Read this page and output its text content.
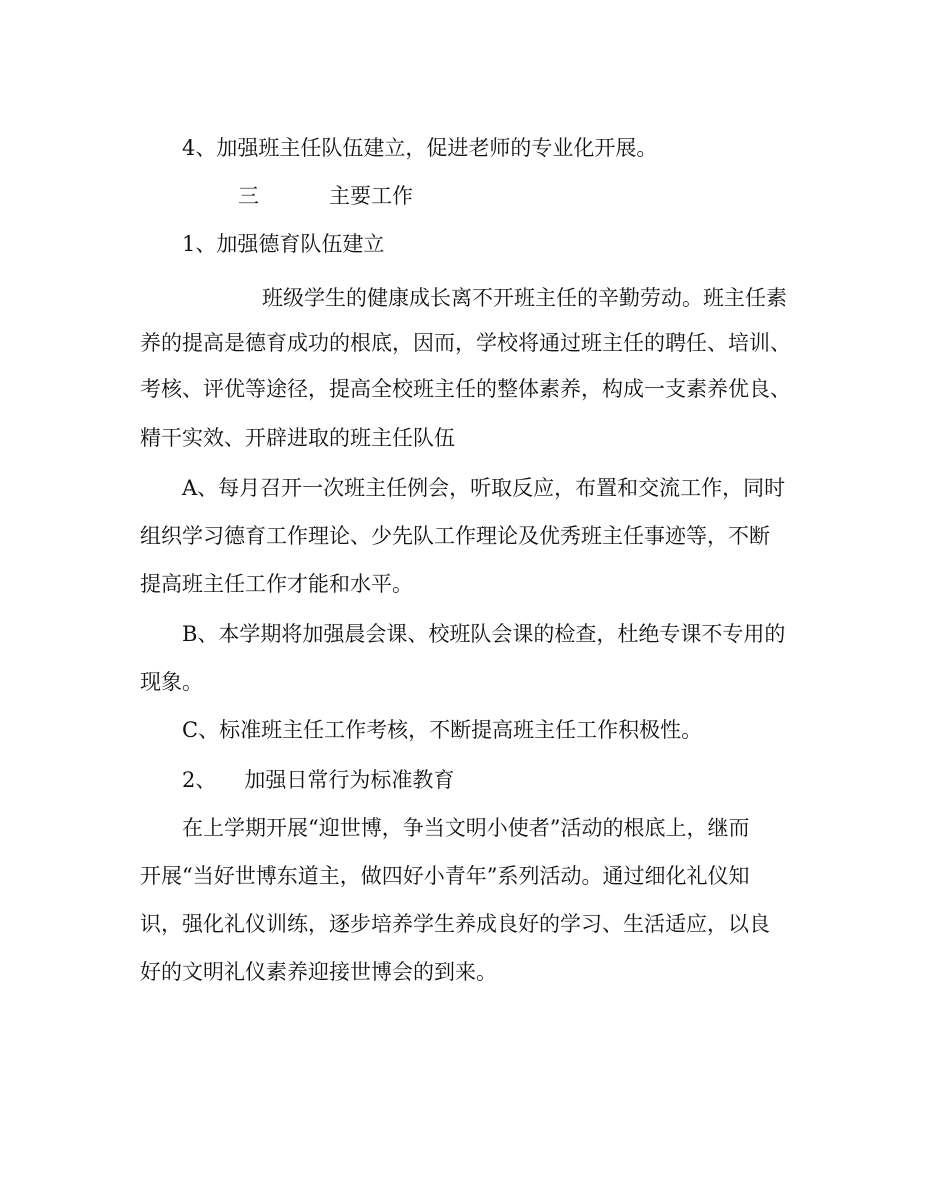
4、加强班主任队伍建立，促进老师的专业化开展。
三	主要工作
1、加强德育队伍建立
班级学生的健康成长离不开班主任的辛勤劳动。班主任素
养的提高是德育成功的根底，因而，学校将通过班主任的聘任、培训、
考核、评优等途径，提高全校班主任的整体素养，构成一支素养优良、
精干实效、开辟进取的班主任队伍
A、每月召开一次班主任例会，听取反应，布置和交流工作，同时
组织学习德育工作理论、少先队工作理论及优秀班主任事迹等，不断
提高班主任工作才能和水平。
B、本学期将加强晨会课、校班队会课的检查，杜绝专课不专用的
现象。
C、标准班主任工作考核，不断提高班主任工作积极性。
2、 加强日常行为标准教育
在上学期开展“迎世博，争当文明小使者”活动的根底上，继而
开展“当好世博东道主，做四好小青年”系列活动。通过细化礼仪知
识，强化礼仪训练，逐步培养学生养成良好的学习、生活适应，以良
好的文明礼仪素养迎接世博会的到来。
